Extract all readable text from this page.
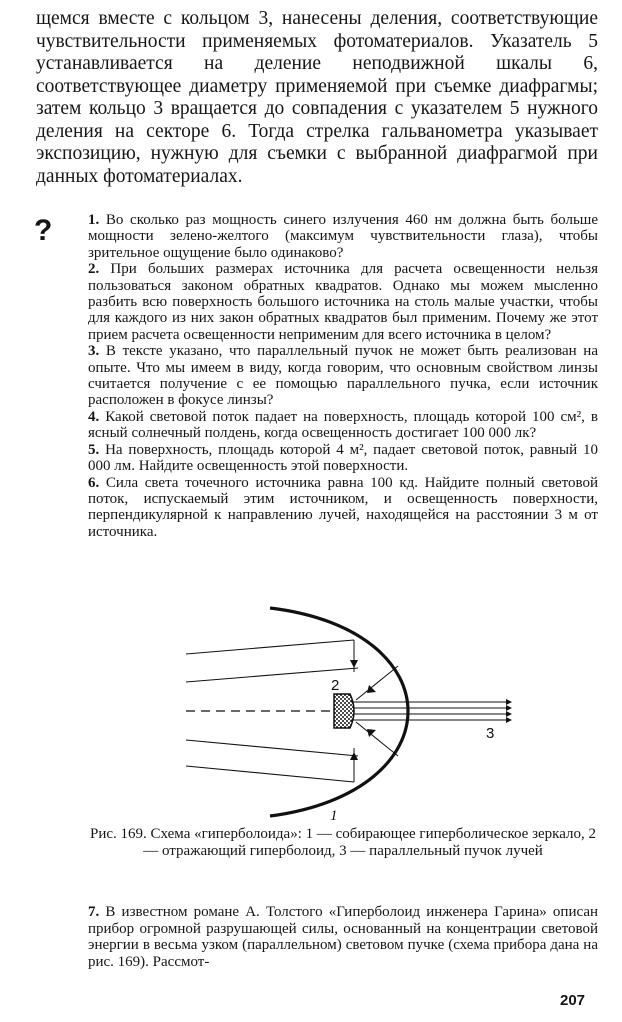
щемся вместе с кольцом 3, нанесены деления, соответствующие чувствительности применяемых фотоматериалов. Указатель 5 устанавливается на деление неподвижной шкалы 6, соответствующее диаметру применяемой при съемке диафрагмы; затем кольцо 3 вращается до совпадения с указателем 5 нужного деления на секторе 6. Тогда стрелка гальванометра указывает экспозицию, нужную для съемки с выбранной диафрагмой при данных фотоматериалах.

? 1. Во сколько раз мощность синего излучения 460 нм должна быть больше мощности зелено-желтого (максимум чувствительности глаза), чтобы зрительное ощущение было одинаково?

2. При больших размерах источника для расчета освещенности нельзя пользоваться законом обратных квадратов. Однако мы можем мысленно разбить всю поверхность большого источника на столь малые участки, чтобы для каждого из них закон обратных квадратов был применим. Почему же этот прием расчета освещенности неприменим для всего источника в целом?

3. В тексте указано, что параллельный пучок не может быть реализован на опыте. Что мы имеем в виду, когда говорим, что основным свойством линзы считается получение с ее помощью параллельного пучка, если источник расположен в фокусе линзы?

4. Какой световой поток падает на поверхность, площадь которой 100 см², в ясный солнечный полдень, когда освещенность достигает 100 000 лк?

5. На поверхность, площадь которой 4 м², падает световой поток, равный 10 000 лм. Найдите освещенность этой поверхности.

6. Сила света точечного источника равна 100 кд. Найдите полный световой поток, испускаемый этим источником, и освещенность поверхности, перпендикулярной к направлению лучей, находящейся на расстоянии 3 м от источника.

2
3
1
Рис. 169. Схема «гиперболоида»: 1 — собирающее гиперболическое зеркало, 2 — отражающий гиперболоид, 3 — параллельный пучок лучей

7. В известном романе А. Толстого «Гиперболоид инженера Гарина» описан прибор огромной разрушающей силы, основанный на концентрации световой энергии в весьма узком (параллельном) световом пучке (схема прибора дана на рис. 169). Рассмот-

207
